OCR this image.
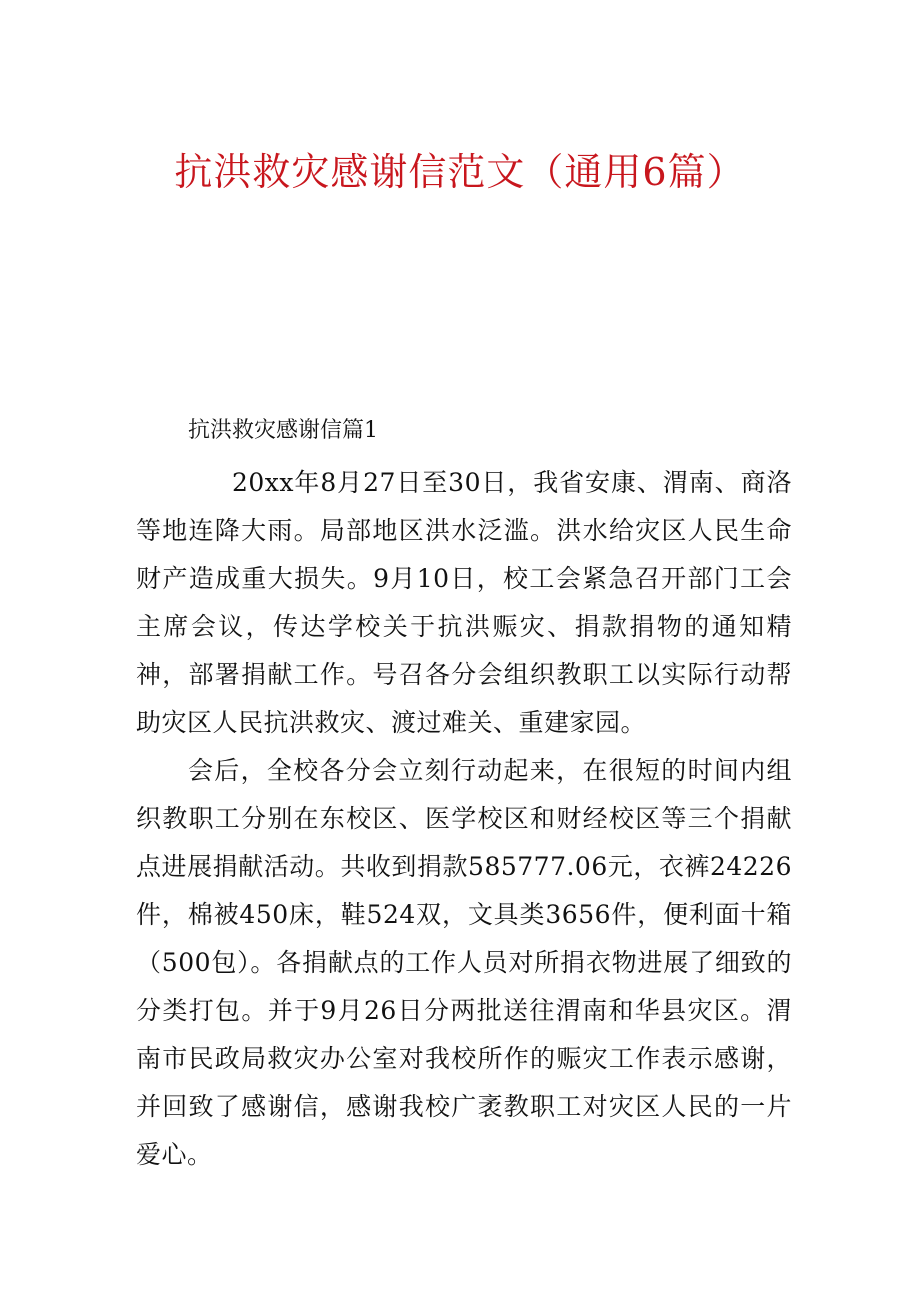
抗洪救灾感谢信范文（通用6篇）
抗洪救灾感谢信篇1

20xx年8月27日至30日，我省安康、渭南、商洛等地连降大雨。局部地区洪水泛滥。洪水给灾区人民生命财产造成重大损失。9月10日，校工会紧急召开部门工会主席会议，传达学校关于抗洪赈灾、捐款捐物的通知精神，部署捐献工作。号召各分会组织教职工以实际行动帮助灾区人民抗洪救灾、渡过难关、重建家园。

会后，全校各分会立刻行动起来，在很短的时间内组织教职工分别在东校区、医学校区和财经校区等三个捐献点进展捐献活动。共收到捐款585777.06元，衣裤24226件，棉被450床，鞋524双，文具类3656件，便利面十箱（500包）。各捐献点的工作人员对所捐衣物进展了细致的分类打包。并于9月26日分两批送往渭南和华县灾区。渭南市民政局救灾办公室对我校所作的赈灾工作表示感谢，并回致了感谢信，感谢我校广袤教职工对灾区人民的一片爱心。
